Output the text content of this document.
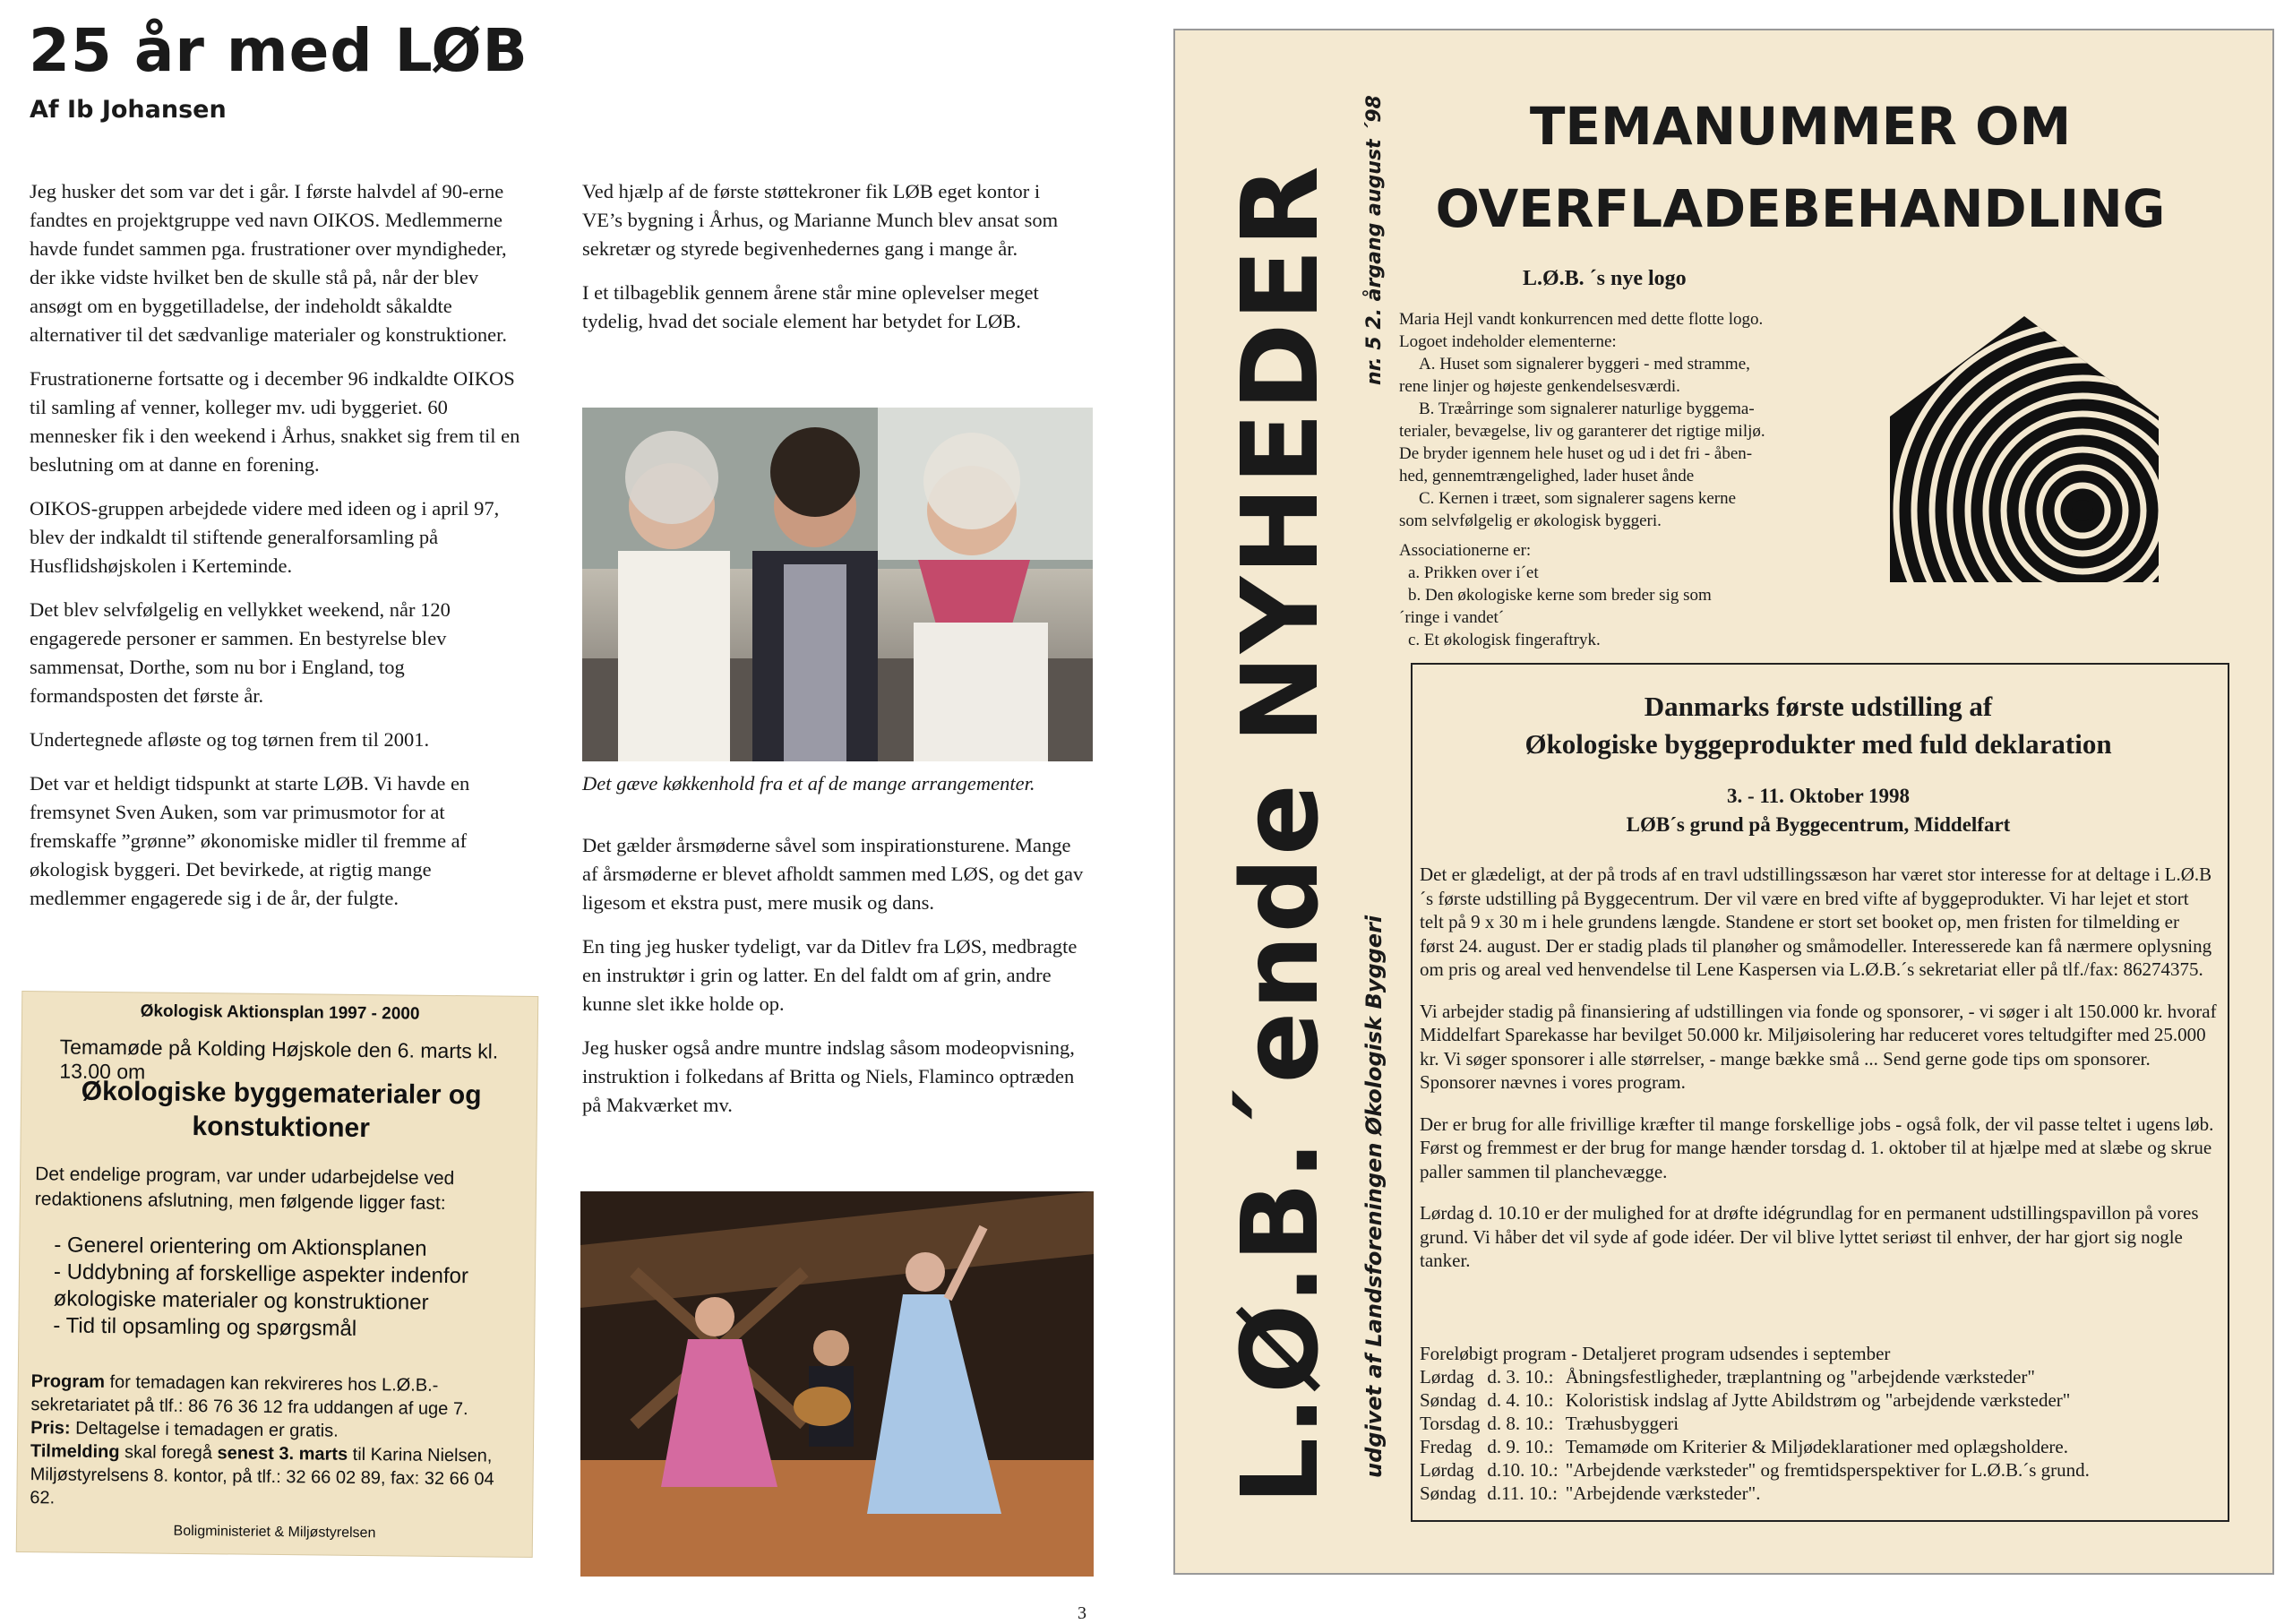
25 år med LØB
Af Ib Johansen

Jeg husker det som var det i går. I første halvdel af 90-erne fandtes en projektgruppe ved navn OIKOS. Medlemmerne havde fundet sammen pga. frustrationer over myndigheder, der ikke vidste hvilket ben de skulle stå på, når der blev ansøgt om en byggetilladelse, der indeholdt såkaldte alternativer til det sædvanlige materialer og konstruktioner.

Frustrationerne fortsatte og i december 96 indkaldte OIKOS til samling af venner, kolleger mv. udi byggeriet. 60 mennesker fik i den weekend i Århus, snakket sig frem til en beslutning om at danne en forening.

OIKOS-gruppen arbejdede videre med ideen og i april 97, blev der indkaldt til stiftende generalforsamling på Husflidshøjskolen i Kerteminde.

Det blev selvfølgelig en vellykket weekend, når 120 engagerede personer er sammen. En bestyrelse blev sammensat, Dorthe, som nu bor i England, tog formandsposten det første år.

Undertegnede afløste og tog tørnen frem til 2001.

Det var et heldigt tidspunkt at starte LØB. Vi havde en fremsynet Sven Auken, som var primusmotor for at fremskaffe ”grønne” økonomiske midler til fremme af økologisk byggeri. Det bevirkede, at rigtig mange medlemmer engagerede sig i de år, der fulgte.

Ved hjælp af de første støttekroner fik LØB eget kontor i VE’s bygning i Århus, og Marianne Munch blev ansat som sekretær og styrede begivenhedernes gang i mange år.

I et tilbageblik gennem årene står mine oplevelser meget tydelig, hvad det sociale element har betydet for LØB.

Det gæve køkkenhold fra et af de mange arrangementer.

Det gælder årsmøderne såvel som inspirationsturene. Mange af årsmøderne er blevet afholdt sammen med LØS, og det gav ligesom et ekstra pust, mere musik og dans.

En ting jeg husker tydeligt, var da Ditlev fra LØS, medbragte en instruktør i grin og latter. En del faldt om af grin, andre kunne slet ikke holde op.

Jeg husker også andre muntre indslag såsom modeopvisning, instruktion i folkedans af Britta og Niels, Flaminco optræden på Makværket mv.

Økologisk Aktionsplan 1997 - 2000
Temamøde på Kolding Højskole den 6. marts kl. 13.00 om
Økologiske byggematerialer og konstuktioner
Det endelige program, var under udarbejdelse ved redaktionens afslutning, men følgende ligger fast:
- Generel orientering om Aktionsplanen
- Uddybning af forskellige aspekter indenfor økologiske materialer og konstruktioner
- Tid til opsamling og spørgsmål
Program for temadagen kan rekvireres hos L.Ø.B.-sekretariatet på tlf.: 86 76 36 12 fra uddangen af uge 7.
Pris: Deltagelse i temadagen er gratis.
Tilmelding skal foregå senest 3. marts til Karina Nielsen, Miljøstyrelsens 8. kontor, på tlf.: 32 66 02 89, fax: 32 66 04 62.
Boligministeriet & Miljøstyrelsen
L.Ø.B.´ende NYHEDER nr. 5 2. årgang august ´98
udgivet af Landsforeningen Økologisk Byggeri
TEMANUMMER OM
OVERFLADEBEHANDLING
L.Ø.B. ´s nye logo
Maria Hejl vandt konkurrencen med dette flotte logo.
Logoet indeholder elementerne:
A. Huset som signalerer byggeri - med stramme,
rene linjer og højeste genkendelsesværdi.
B. Træårringe som signalerer naturlige byggema-
terialer, bevægelse, liv og garanterer det rigtige miljø.
De bryder igennem hele huset og ud i det fri - åben-
hed, gennemtrængelighed, lader huset ånde
C. Kernen i træet, som signalerer sagens kerne
som selvfølgelig er økologisk byggeri.
Associationerne er:
a. Prikken over i´et
b. Den økologiske kerne som breder sig som
´ringe i vandet´
c. Et økologisk fingeraftryk.
Danmarks første udstilling af
Økologiske byggeprodukter med fuld deklaration
3. - 11. Oktober 1998
LØB´s grund på Byggecentrum, Middelfart

Det er glædeligt, at der på trods af en travl udstillingssæson har været stor interesse for at deltage i L.Ø.B´s første udstilling på Byggecentrum. Der vil være en bred vifte af byggeprodukter. Vi har lejet et stort telt på 9 x 30 m i hele grundens længde. Standene er stort set booket op, men fristen for tilmelding er først 24. august. Der er stadig plads til planøher og småmodeller. Interesserede kan få nærmere oplysning om pris og areal ved henvendelse til Lene Kaspersen via L.Ø.B.´s sekretariat eller på tlf./fax: 86274375.

Vi arbejder stadig på finansiering af udstillingen via fonde og sponsorer, - vi søger i alt 150.000 kr. hvoraf Middelfart Sparekasse har bevilget 50.000 kr. Miljøisolering har reduceret vores teltudgifter med 25.000 kr. Vi søger sponsorer i alle størrelser, - mange bække små ... Send gerne gode tips om sponsorer. Sponsorer nævnes i vores program.

Der er brug for alle frivillige kræfter til mange forskellige jobs - også folk, der vil passe teltet i ugens løb. Først og fremmest er der brug for mange hænder torsdag d. 1. oktober til at hjælpe med at slæbe og skrue paller sammen til planchevægge.

Lørdag d. 10.10 er der mulighed for at drøfte idégrundlag for en permanent udstillingspavillon på vores grund. Vi håber det vil syde af gode idéer. Der vil blive lyttet seriøst til enhver, der har gjort sig nogle tanker.

Foreløbigt program - Detaljeret program udsendes i september
Lørdag	d. 3. 10.:	Åbningsfestligheder, træplantning og "arbejdende værksteder"
Søndag	d. 4. 10.:	Koloristisk indslag af Jytte Abildstrøm og "arbejdende værksteder"
Torsdag	d. 8. 10.:	Træhusbyggeri
Fredag	d. 9. 10.:	Temamøde om Kriterier & Miljødeklarationer med oplægsholdere.
Lørdag	d.10. 10.:	"Arbejdende værksteder" og fremtidsperspektiver for L.Ø.B.´s grund.
Søndag	d.11. 10.:	"Arbejdende værksteder".
3
